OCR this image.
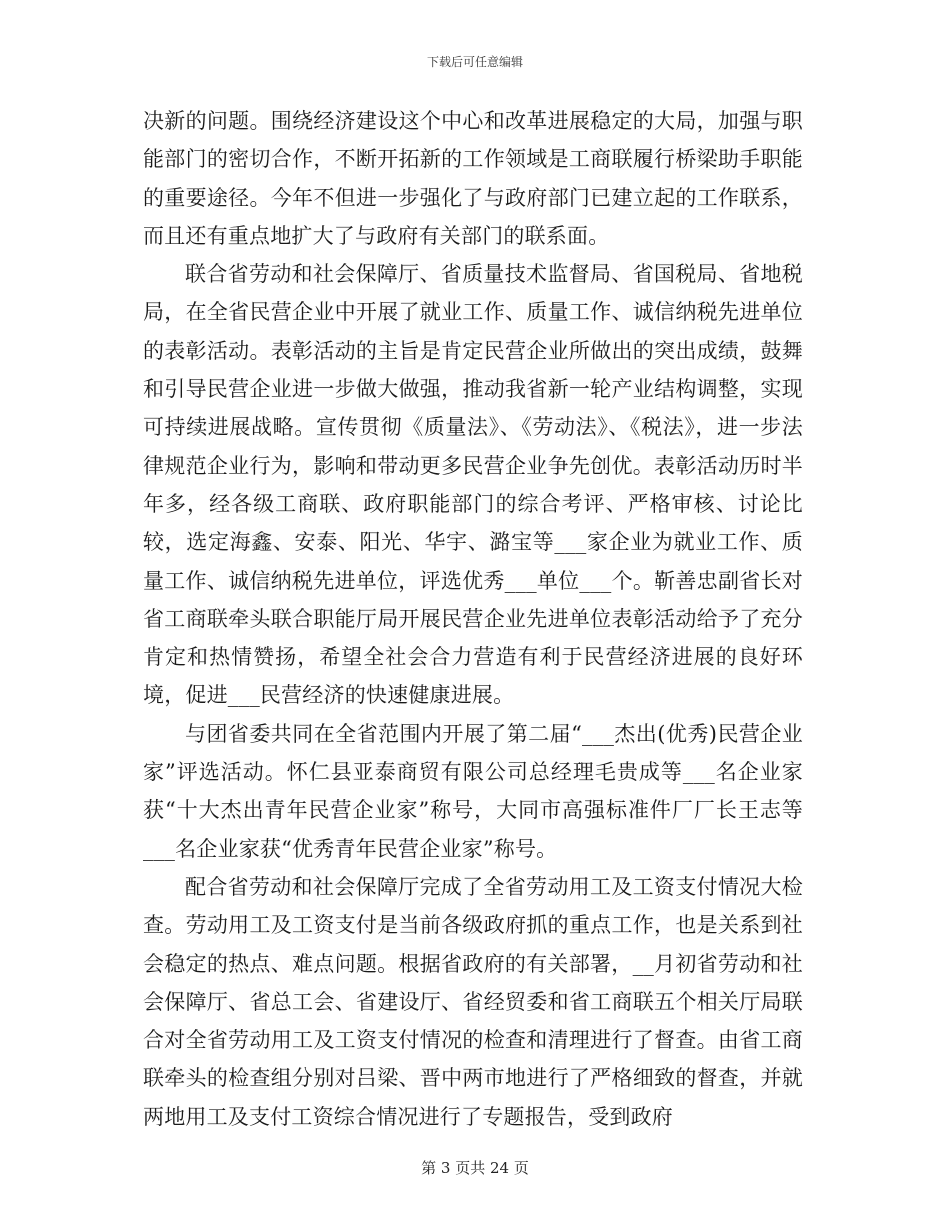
下载后可任意编辑

决新的问题。围绕经济建设这个中心和改革进展稳定的大局，加强与职能部门的密切合作，不断开拓新的工作领域是工商联履行桥梁助手职能的重要途径。今年不但进一步强化了与政府部门已建立起的工作联系，而且还有重点地扩大了与政府有关部门的联系面。

联合省劳动和社会保障厅、省质量技术监督局、省国税局、省地税局，在全省民营企业中开展了就业工作、质量工作、诚信纳税先进单位的表彰活动。表彰活动的主旨是肯定民营企业所做出的突出成绩，鼓舞和引导民营企业进一步做大做强，推动我省新一轮产业结构调整，实现可持续进展战略。宣传贯彻《质量法》、《劳动法》、《税法》，进一步法律规范企业行为，影响和带动更多民营企业争先创优。表彰活动历时半年多，经各级工商联、政府职能部门的综合考评、严格审核、讨论比较，选定海鑫、安泰、阳光、华宇、潞宝等___家企业为就业工作、质量工作、诚信纳税先进单位，评选优秀___单位___个。靳善忠副省长对省工商联牵头联合职能厅局开展民营企业先进单位表彰活动给予了充分肯定和热情赞扬，希望全社会合力营造有利于民营经济进展的良好环境，促进___民营经济的快速健康进展。

与团省委共同在全省范围内开展了第二届“___杰出(优秀)民营企业家”评选活动。怀仁县亚泰商贸有限公司总经理毛贵成等___名企业家获“十大杰出青年民营企业家”称号，大同市高强标准件厂厂长王志等___名企业家获“优秀青年民营企业家”称号。

配合省劳动和社会保障厅完成了全省劳动用工及工资支付情况大检查。劳动用工及工资支付是当前各级政府抓的重点工作，也是关系到社会稳定的热点、难点问题。根据省政府的有关部署，__月初省劳动和社会保障厅、省总工会、省建设厅、省经贸委和省工商联五个相关厅局联合对全省劳动用工及工资支付情况的检查和清理进行了督查。由省工商联牵头的检查组分别对吕梁、晋中两市地进行了严格细致的督查，并就两地用工及支付工资综合情况进行了专题报告，受到政府

第 3 页共 24 页
